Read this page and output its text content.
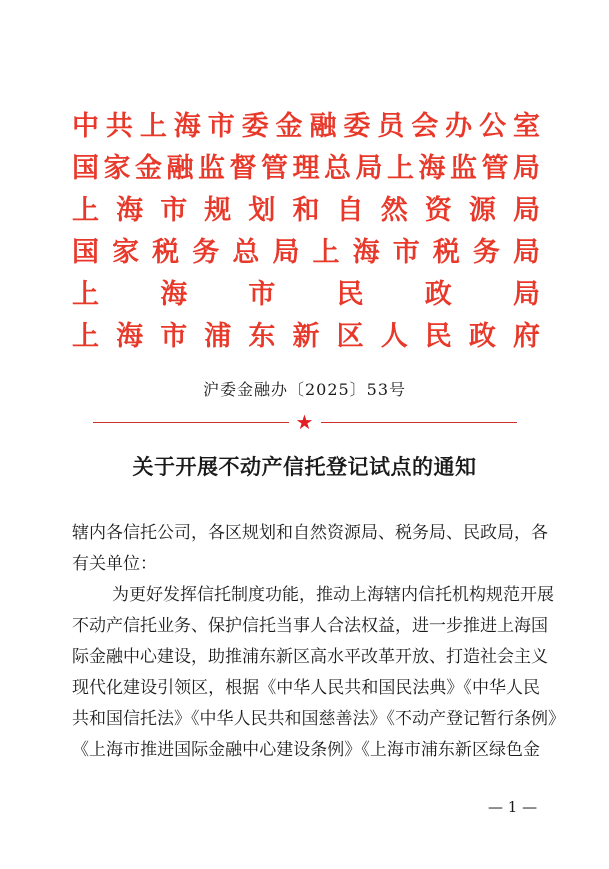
中共上海市委金融委员会办公室
国家金融监督管理总局上海监管局
上海市规划和自然资源局
国家税务总局上海市税务局
上海市民政局
上海市浦东新区人民政府
沪委金融办〔2025〕53号
★
关于开展不动产信托登记试点的通知
辖内各信托公司，各区规划和自然资源局、税务局、民政局，各
有关单位：
为更好发挥信托制度功能，推动上海辖内信托机构规范开展
不动产信托业务、保护信托当事人合法权益，进一步推进上海国
际金融中心建设，助推浦东新区高水平改革开放、打造社会主义
现代化建设引领区，根据《中华人民共和国民法典》《中华人民
共和国信托法》《中华人民共和国慈善法》《不动产登记暂行条例》
《上海市推进国际金融中心建设条例》《上海市浦东新区绿色金
— 1 —
